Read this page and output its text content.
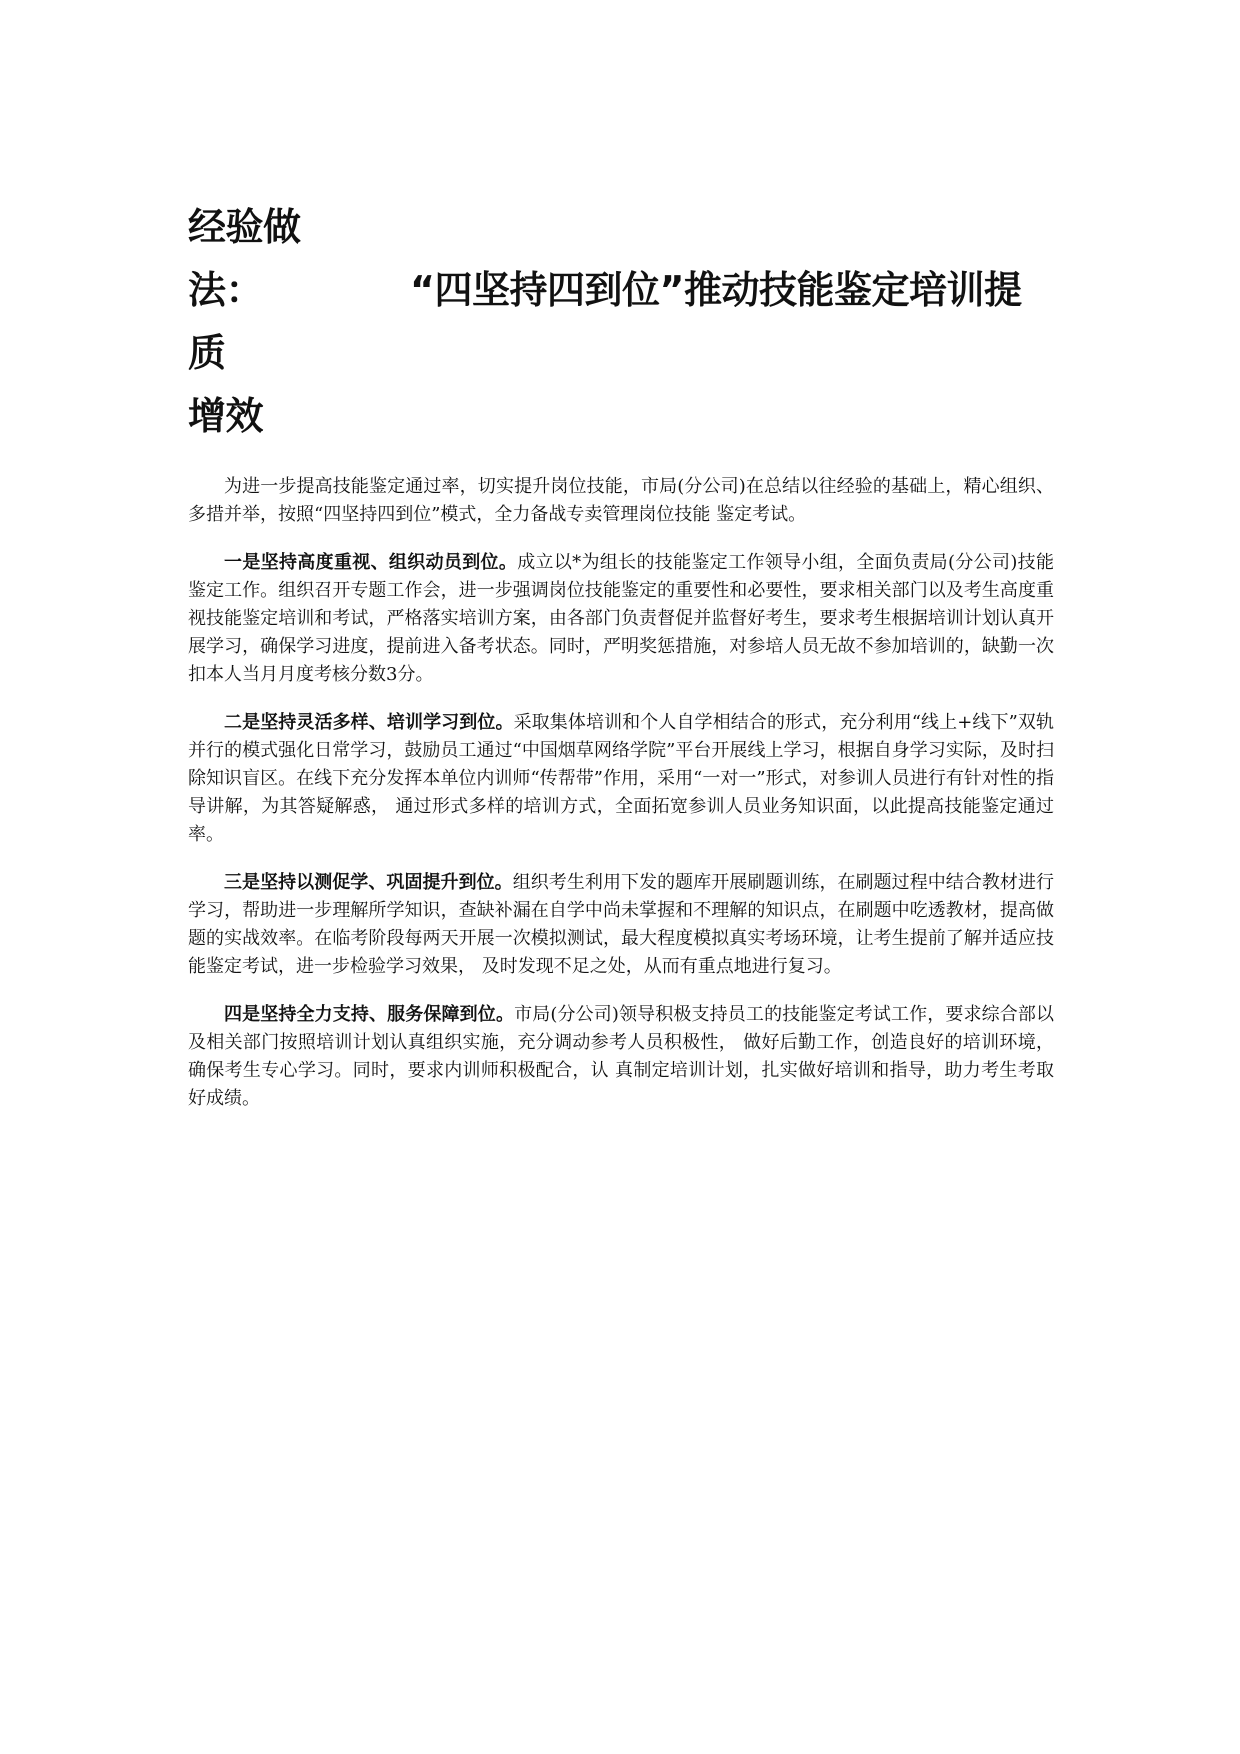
经验做法：	“四坚持四到位”推动技能鉴定培训提质
增效

为进一步提高技能鉴定通过率，切实提升岗位技能，市局(分公司)在总结以往经验的基础上，精心组织、多措并举，按照“四坚持四到位”模式，全力备战专卖管理岗位技能 鉴定考试。

一是坚持高度重视、组织动员到位。成立以*为组长的技能鉴定工作领导小组，全面负责局(分公司)技能鉴定工作。组织召开专题工作会，进一步强调岗位技能鉴定的重要性和必要性，要求相关部门以及考生高度重视技能鉴定培训和考试，严格落实培训方案，由各部门负责督促并监督好考生，要求考生根据培训计划认真开展学习，确保学习进度，提前进入备考状态。同时，严明奖惩措施，对参培人员无故不参加培训的，缺勤一次扣本人当月月度考核分数3分。

二是坚持灵活多样、培训学习到位。采取集体培训和个人自学相结合的形式，充分利用“线上+线下”双轨并行的模式强化日常学习，鼓励员工通过“中国烟草网络学院”平台开展线上学习，根据自身学习实际，及时扫除知识盲区。在线下充分发挥本单位内训师“传帮带”作用，采用“一对一”形式，对参训人员进行有针对性的指导讲解，为其答疑解惑， 通过形式多样的培训方式，全面拓宽参训人员业务知识面，以此提高技能鉴定通过率。

三是坚持以测促学、巩固提升到位。组织考生利用下发的题库开展刷题训练，在刷题过程中结合教材进行学习，帮助进一步理解所学知识，查缺补漏在自学中尚未掌握和不理解的知识点，在刷题中吃透教材，提高做题的实战效率。在临考阶段每两天开展一次模拟测试，最大程度模拟真实考场环境，让考生提前了解并适应技能鉴定考试，进一步检验学习效果， 及时发现不足之处，从而有重点地进行复习。

四是坚持全力支持、服务保障到位。市局(分公司)领导积极支持员工的技能鉴定考试工作，要求综合部以及相关部门按照培训计划认真组织实施，充分调动参考人员积极性， 做好后勤工作，创造良好的培训环境，确保考生专心学习。同时，要求内训师积极配合，认 真制定培训计划，扎实做好培训和指导，助力考生考取好成绩。
